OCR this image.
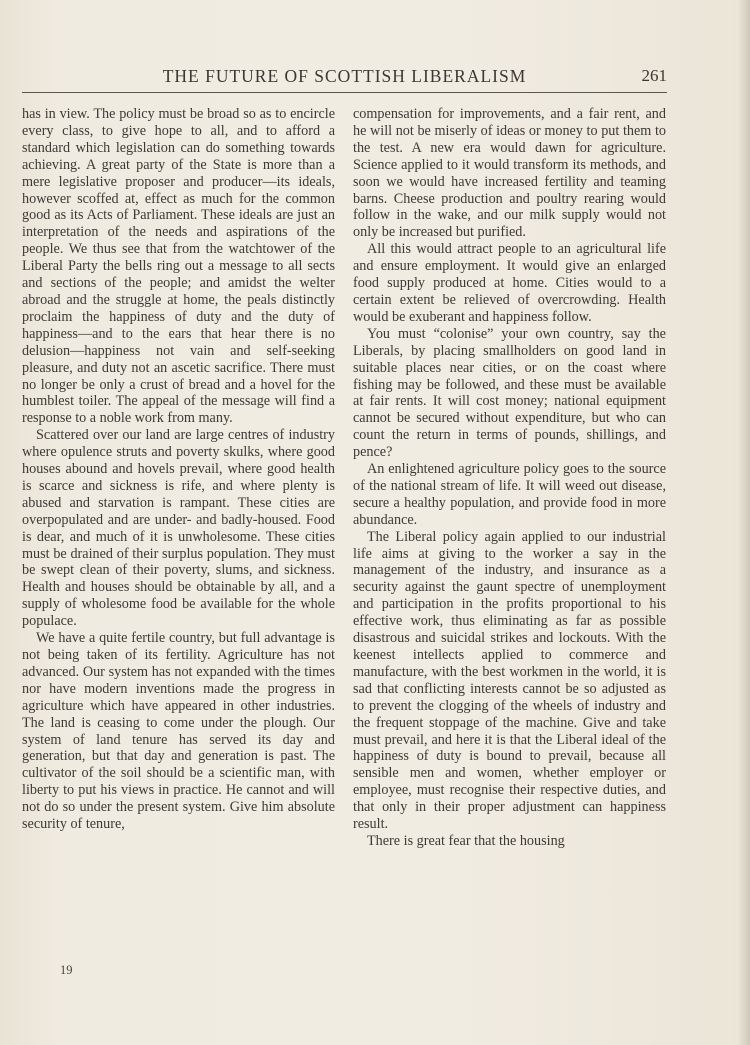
THE FUTURE OF SCOTTISH LIBERALISM	261

has in view. The policy must be broad so as to encircle every class, to give hope to all, and to afford a standard which legislation can do something towards achieving. A great party of the State is more than a mere legislative proposer and producer—its ideals, however scoffed at, effect as much for the common good as its Acts of Parliament. These ideals are just an interpretation of the needs and aspirations of the people. We thus see that from the watchtower of the Liberal Party the bells ring out a message to all sects and sections of the people; and amidst the welter abroad and the struggle at home, the peals distinctly proclaim the happiness of duty and the duty of happiness—and to the ears that hear there is no delusion—happiness not vain and self-seeking pleasure, and duty not an ascetic sacrifice. There must no longer be only a crust of bread and a hovel for the humblest toiler. The appeal of the message will find a response to a noble work from many.

Scattered over our land are large centres of industry where opulence struts and poverty skulks, where good houses abound and hovels prevail, where good health is scarce and sickness is rife, and where plenty is abused and starvation is rampant. These cities are overpopulated and are under- and badly-housed. Food is dear, and much of it is unwholesome. These cities must be drained of their surplus population. They must be swept clean of their poverty, slums, and sickness. Health and houses should be obtainable by all, and a supply of wholesome food be available for the whole populace.

We have a quite fertile country, but full advantage is not being taken of its fertility. Agriculture has not advanced. Our system has not expanded with the times nor have modern inventions made the progress in agriculture which have appeared in other industries. The land is ceasing to come under the plough. Our system of land tenure has served its day and generation, but that day and generation is past. The cultivator of the soil should be a scientific man, with liberty to put his views in practice. He cannot and will not do so under the present system. Give him absolute security of tenure,

compensation for improvements, and a fair rent, and he will not be miserly of ideas or money to put them to the test. A new era would dawn for agriculture. Science applied to it would transform its methods, and soon we would have increased fertility and teaming barns. Cheese production and poultry rearing would follow in the wake, and our milk supply would not only be increased but purified.

All this would attract people to an agricultural life and ensure employment. It would give an enlarged food supply produced at home. Cities would to a certain extent be relieved of overcrowding. Health would be exuberant and happiness follow.

You must “colonise” your own country, say the Liberals, by placing smallholders on good land in suitable places near cities, or on the coast where fishing may be followed, and these must be available at fair rents. It will cost money; national equipment cannot be secured without expenditure, but who can count the return in terms of pounds, shillings, and pence?

An enlightened agriculture policy goes to the source of the national stream of life. It will weed out disease, secure a healthy population, and provide food in more abundance.

The Liberal policy again applied to our industrial life aims at giving to the worker a say in the management of the industry, and insurance as a security against the gaunt spectre of unemployment and participation in the profits proportional to his effective work, thus eliminating as far as possible disastrous and suicidal strikes and lockouts. With the keenest intellects applied to commerce and manufacture, with the best workmen in the world, it is sad that conflicting interests cannot be so adjusted as to prevent the clogging of the wheels of industry and the frequent stoppage of the machine. Give and take must prevail, and here it is that the Liberal ideal of the happiness of duty is bound to prevail, because all sensible men and women, whether employer or employee, must recognise their respective duties, and that only in their proper adjustment can happiness result.

There is great fear that the housing

19
